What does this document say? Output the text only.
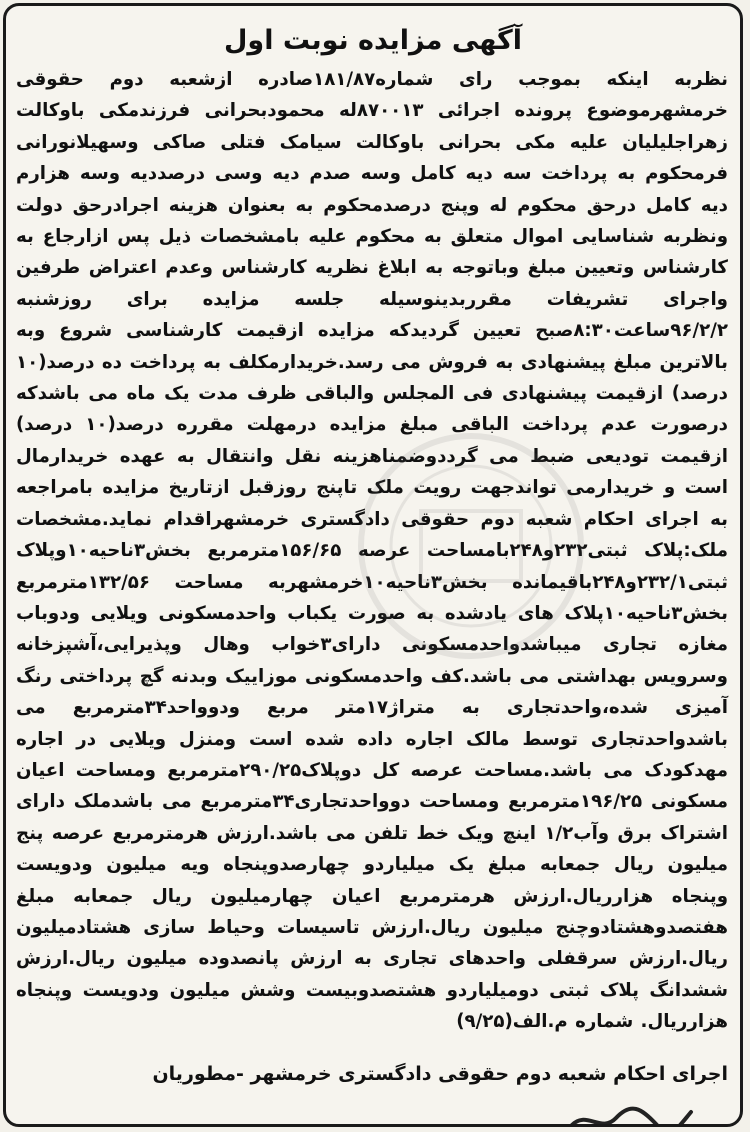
آگهی مزایده نوبت اول
نظربه اینکه بموجب رای شماره۱۸۱/۸۷صادره ازشعبه دوم حقوقی خرمشهرموضوع پرونده اجرائی ۸۷۰۰۱۳له محمودبحرانی فرزندمکی باوکالت زهراجلیلیان علیه مکی بحرانی باوکالت سیامک فتلی صاکی وسهیلانورانی فرمحکوم به پرداخت سه دیه کامل وسه صدم دیه وسی درصددیه وسه هزارم دیه کامل درحق محکوم له وپنج درصدمحکوم به بعنوان هزینه اجرادرحق دولت ونظربه شناسایی اموال متعلق به محکوم علیه بامشخصات ذیل پس ازارجاع به کارشناس وتعیین مبلغ وباتوجه به ابلاغ نظریه کارشناس وعدم اعتراض طرفین واجرای تشریفات مقرربدینوسیله جلسه مزایده برای روزشنبه ۹۶/۲/۲ساعت۸:۳۰صبح تعیین گردیدکه مزایده ازقیمت کارشناسی شروع وبه بالاترین مبلغ پیشنهادی به فروش می رسد.خریدارمکلف به پرداخت ده درصد(۱۰ درصد) ازقیمت پیشنهادی فی المجلس والباقی ظرف مدت یک ماه می باشدکه درصورت عدم پرداخت الباقی مبلغ مزایده درمهلت مقرره درصد(۱۰ درصد) ازقیمت تودیعی ضبط می گرددوضمناهزینه نقل وانتقال به عهده خریدارمال است و خریدارمی تواندجهت رویت ملک تاپنج روزقبل ازتاریخ مزایده بامراجعه به اجرای احکام شعبه دوم حقوقی دادگستری خرمشهراقدام نماید.مشخصات ملک:پلاک ثبتی۲۳۲و۲۴۸بامساحت عرصه ۱۵۶/۶۵مترمربع بخش۳ناحیه۱۰وپلاک ثبتی۲۳۲/۱و۲۴۸باقیمانده بخش۳ناحیه۱۰خرمشهربه مساحت ۱۳۲/۵۶مترمربع بخش۳ناحیه۱۰پلاک های یادشده به صورت یکباب واحدمسکونی ویلایی ودوباب مغازه تجاری میباشدواحدمسکونی دارای۳خواب وهال وپذیرایی،آشپزخانه وسرویس بهداشتی می باشد.کف واحدمسکونی موزاییک وبدنه گچ پرداختی رنگ آمیزی شده،واحدتجاری به متراژ۱۷متر مربع ودوواحد۳۴مترمربع می باشدواحدتجاری توسط مالک اجاره داده شده است ومنزل ویلایی در اجاره مهدکودک می باشد.مساحت عرصه کل دوپلاک۲۹۰/۲۵مترمربع ومساحت اعیان مسکونی ۱۹۶/۲۵مترمربع ومساحت دوواحدتجاری۳۴مترمربع می باشدملک دارای اشتراک برق وآب۱/۲ اینچ ویک خط تلفن می باشد.ارزش هرمترمربع عرصه پنج میلیون ریال جمعابه مبلغ یک میلیاردو چهارصدوپنجاه ویه میلیون ودویست وپنجاه هزارریال.ارزش هرمترمربع اعیان چهارمیلیون ریال جمعابه مبلغ هفتصدوهشتادوچنج میلیون ریال.ارزش تاسیسات وحیاط سازی هشتادمیلیون ریال.ارزش سرقفلی واحدهای تجاری به ارزش پانصدوده میلیون ریال.ارزش ششدانگ پلاک ثبتی دومیلیاردو هشتصدوبیست وشش میلیون ودویست وپنجاه هزارریال. شماره م.الف(۹/۲۵)
اجرای احکام شعبه دوم حقوقی دادگستری خرمشهر -مطوریان
